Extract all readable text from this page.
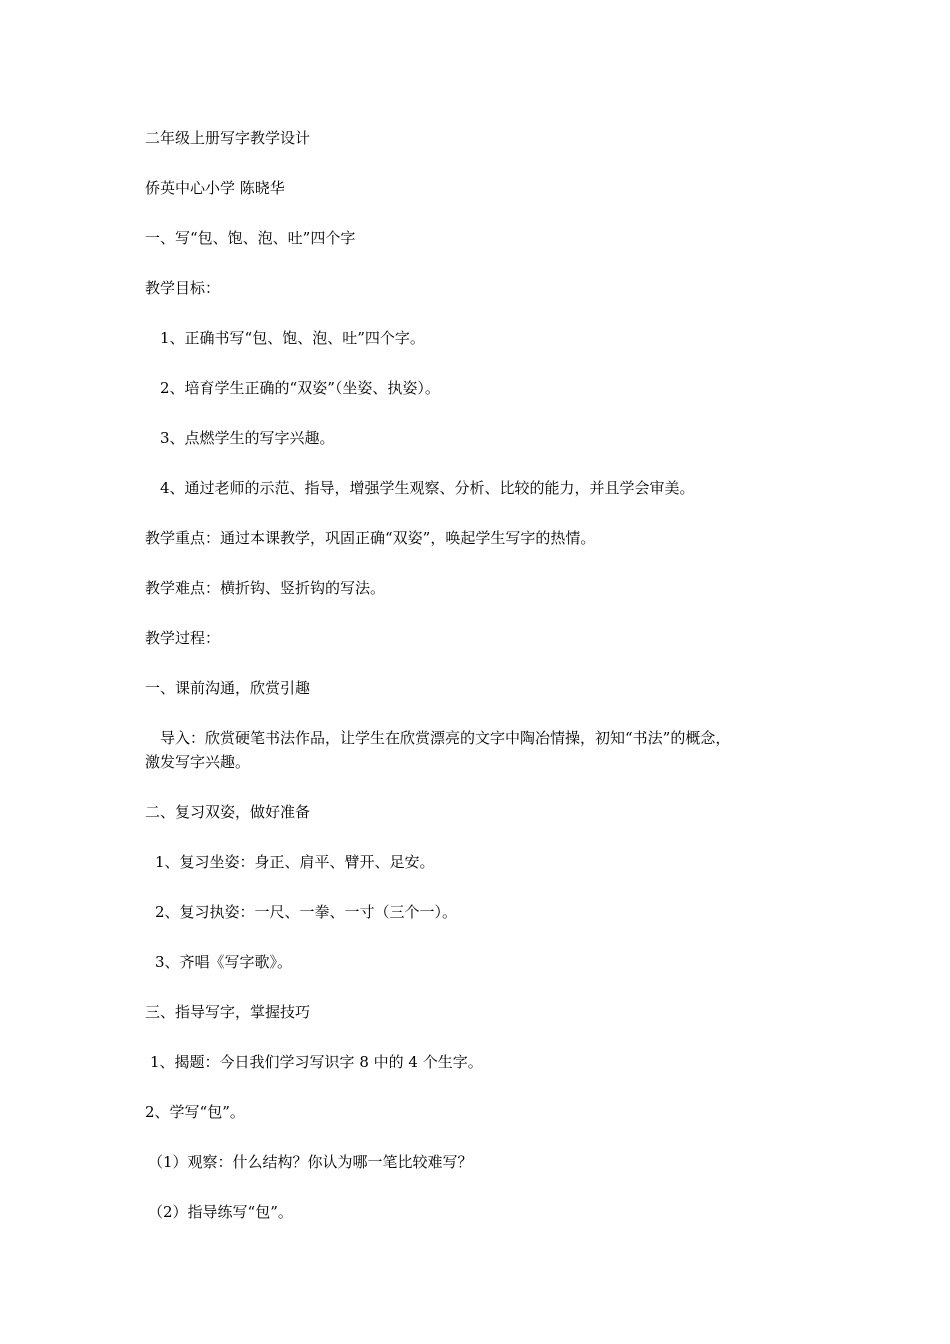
二年级上册写字教学设计
侨英中心小学 陈晓华
一、写“包、饱、泡、吐”四个字
教学目标：
1、正确书写“包、饱、泡、吐”四个字。
2、培育学生正确的“双姿”（坐姿、执姿）。
3、点燃学生的写字兴趣。
4、通过老师的示范、指导，增强学生观察、分析、比较的能力，并且学会审美。
教学重点：通过本课教学，巩固正确“双姿”，唤起学生写字的热情。
教学难点：横折钩、竖折钩的写法。
教学过程：
一、课前沟通，欣赏引趣
导入：欣赏硬笔书法作品，让学生在欣赏漂亮的文字中陶冶情操，初知“书法”的概念，
激发写字兴趣。
二、复习双姿，做好准备
1、复习坐姿：身正、肩平、臂开、足安。
2、复习执姿：一尺、一拳、一寸（三个一）。
3、齐唱《写字歌》。
三、指导写字，掌握技巧
1、揭题：今日我们学习写识字 8 中的 4 个生字。
2、学写“包”。
（1）观察：什么结构？你认为哪一笔比较难写？
（2）指导练写“包”。
